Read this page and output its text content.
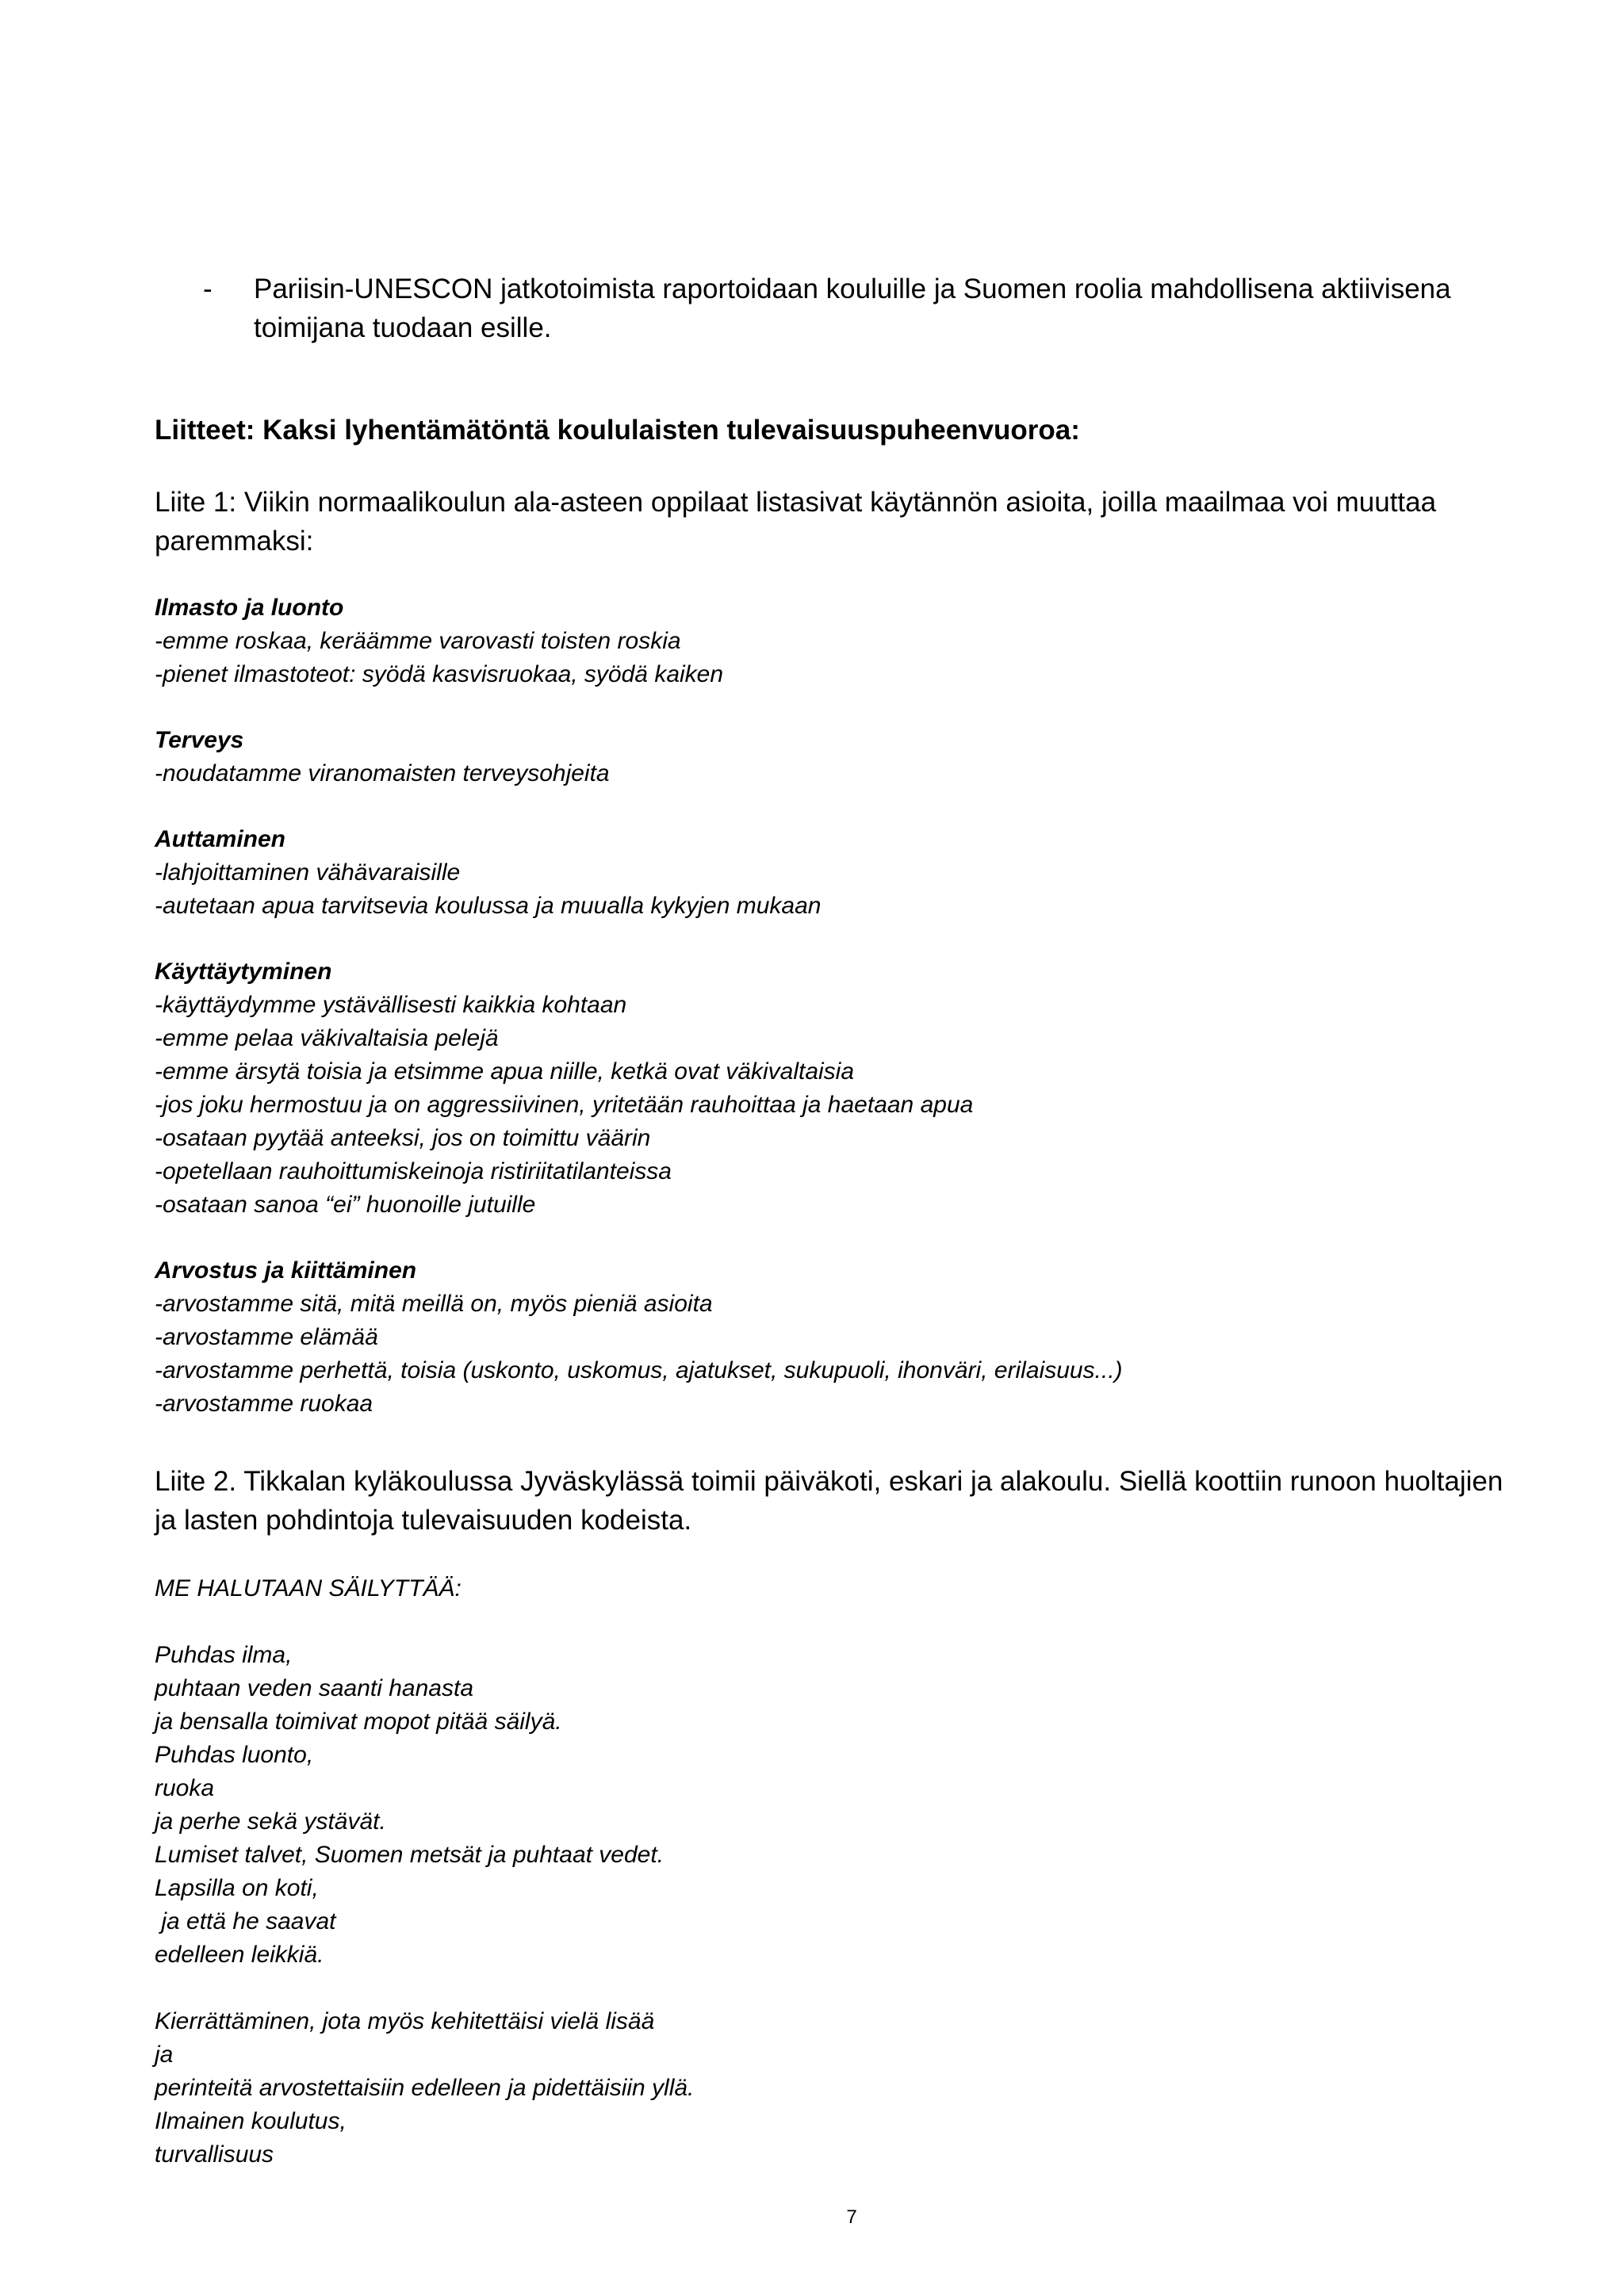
- Pariisin-UNESCON jatkotoimista raportoidaan kouluille ja Suomen roolia mahdollisena aktiivisena toimijana tuodaan esille.
Liitteet: Kaksi lyhentämätöntä koululaisten tulevaisuuspuheenvuoroa:
Liite 1: Viikin normaalikoulun ala-asteen oppilaat listasivat käytännön asioita, joilla maailmaa voi muuttaa paremmaksi:
Ilmasto ja luonto
-emme roskaa, keräämme varovasti toisten roskia
-pienet ilmastoteot: syödä kasvisruokaa, syödä kaiken
Terveys
-noudatamme viranomaisten terveysohjeita
Auttaminen
-lahjoittaminen vähävaraisille
-autetaan apua tarvitsevia koulussa ja muualla kykyjen mukaan
Käyttäytyminen
-käyttäydymme ystävällisesti kaikkia kohtaan
-emme pelaa väkivaltaisia pelejä
-emme ärsytä toisia ja etsimme apua niille, ketkä ovat väkivaltaisia
-jos joku hermostuu ja on aggressiivinen, yritetään rauhoittaa ja haetaan apua
-osataan pyytää anteeksi, jos on toimittu väärin
-opetellaan rauhoittumiskeinoja ristiriitatilanteissa
-osataan sanoa “ei” huonoille jutuille
Arvostus ja kiittäminen
-arvostamme sitä, mitä meillä on, myös pieniä asioita
-arvostamme elämää
-arvostamme perhettä, toisia (uskonto, uskomus, ajatukset, sukupuoli, ihonväri, erilaisuus...)
-arvostamme ruokaa
Liite 2. Tikkalan kyläkoulussa Jyväskylässä toimii päiväkoti, eskari ja alakoulu. Siellä koottiin runoon huoltajien ja lasten pohdintoja tulevaisuuden kodeista.
ME HALUTAAN SÄILYTTÄÄ:
Puhdas ilma,
puhtaan veden saanti hanasta
ja bensalla toimivat mopot pitää säilyä.
Puhdas luonto,
ruoka
ja perhe sekä ystävät.
Lumiset talvet, Suomen metsät ja puhtaat vedet.
Lapsilla on koti,
ja että he saavat
edelleen leikkiä.
Kierrättäminen, jota myös kehitettäisi vielä lisää
ja
perinteitä arvostettaisiin edelleen ja pidettäisiin yllä.
Ilmainen koulutus,
turvallisuus
7
